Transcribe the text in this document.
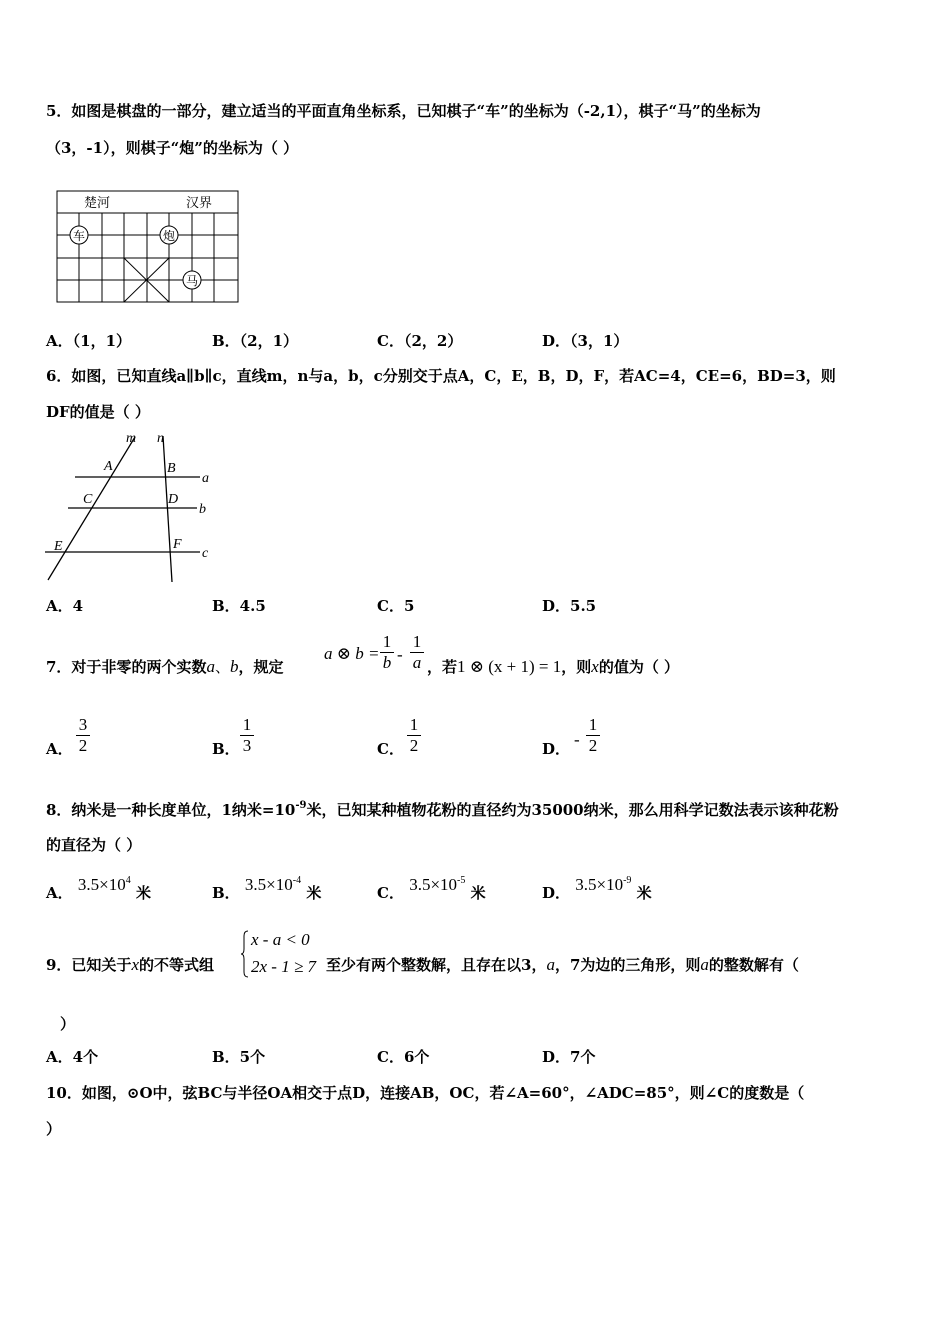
5．如图是棋盘的一部分，建立适当的平面直角坐标系，已知棋子“车”的坐标为（-2,1），棋子“马”的坐标为
（3，-1），则棋子“炮”的坐标为（ ）
楚河	汉界
车	炮
马
A．（1，1）	B．（2，1）	C．（2，2）	D．（3，1）
6．如图，已知直线a∥b∥c，直线m，n与a，b，c分别交于点A，C，E，B，D，F，若AC=4，CE=6，BD=3，则
DF的值是（ ）
m n
A	B
C	D
E	F
a
b
c
A．4	B．4.5	C．5	D．5.5
7．对于非零的两个实数a、b，规定
a ⊗ b =
1
b -
1
a ，若1 ⊗ (x + 1) = 1，则x的值为（ ）
A．
3
2	B．
1
3	C．
1
2	D． -
1
2
8．纳米是一种长度单位，1纳米$=10^{-9}$米，已知某种植物花粉的直径约为35000纳米，那么用科学记数法表示该种花粉
的直径为（ ）
A． $3.5\times 10^4$ 米	B． $3.5\times 10^{-4}$ 米	C． $3.5\times 10^{-5}$ 米	D． $3.5\times 10^{-9}$ 米
9．已知关于x的不等式组
x - a < 0
2x - 1 ≥ 7 至少有两个整数解，且存在以3，a，7为边的三角形，则a的整数解有（
）
A．4个	B．5个	C．6个	D．7个
10．如图，⊙O中，弦BC与半径OA相交于点D，连接AB，OC，若∠A=60°，∠ADC=85°，则∠C的度数是（
）
